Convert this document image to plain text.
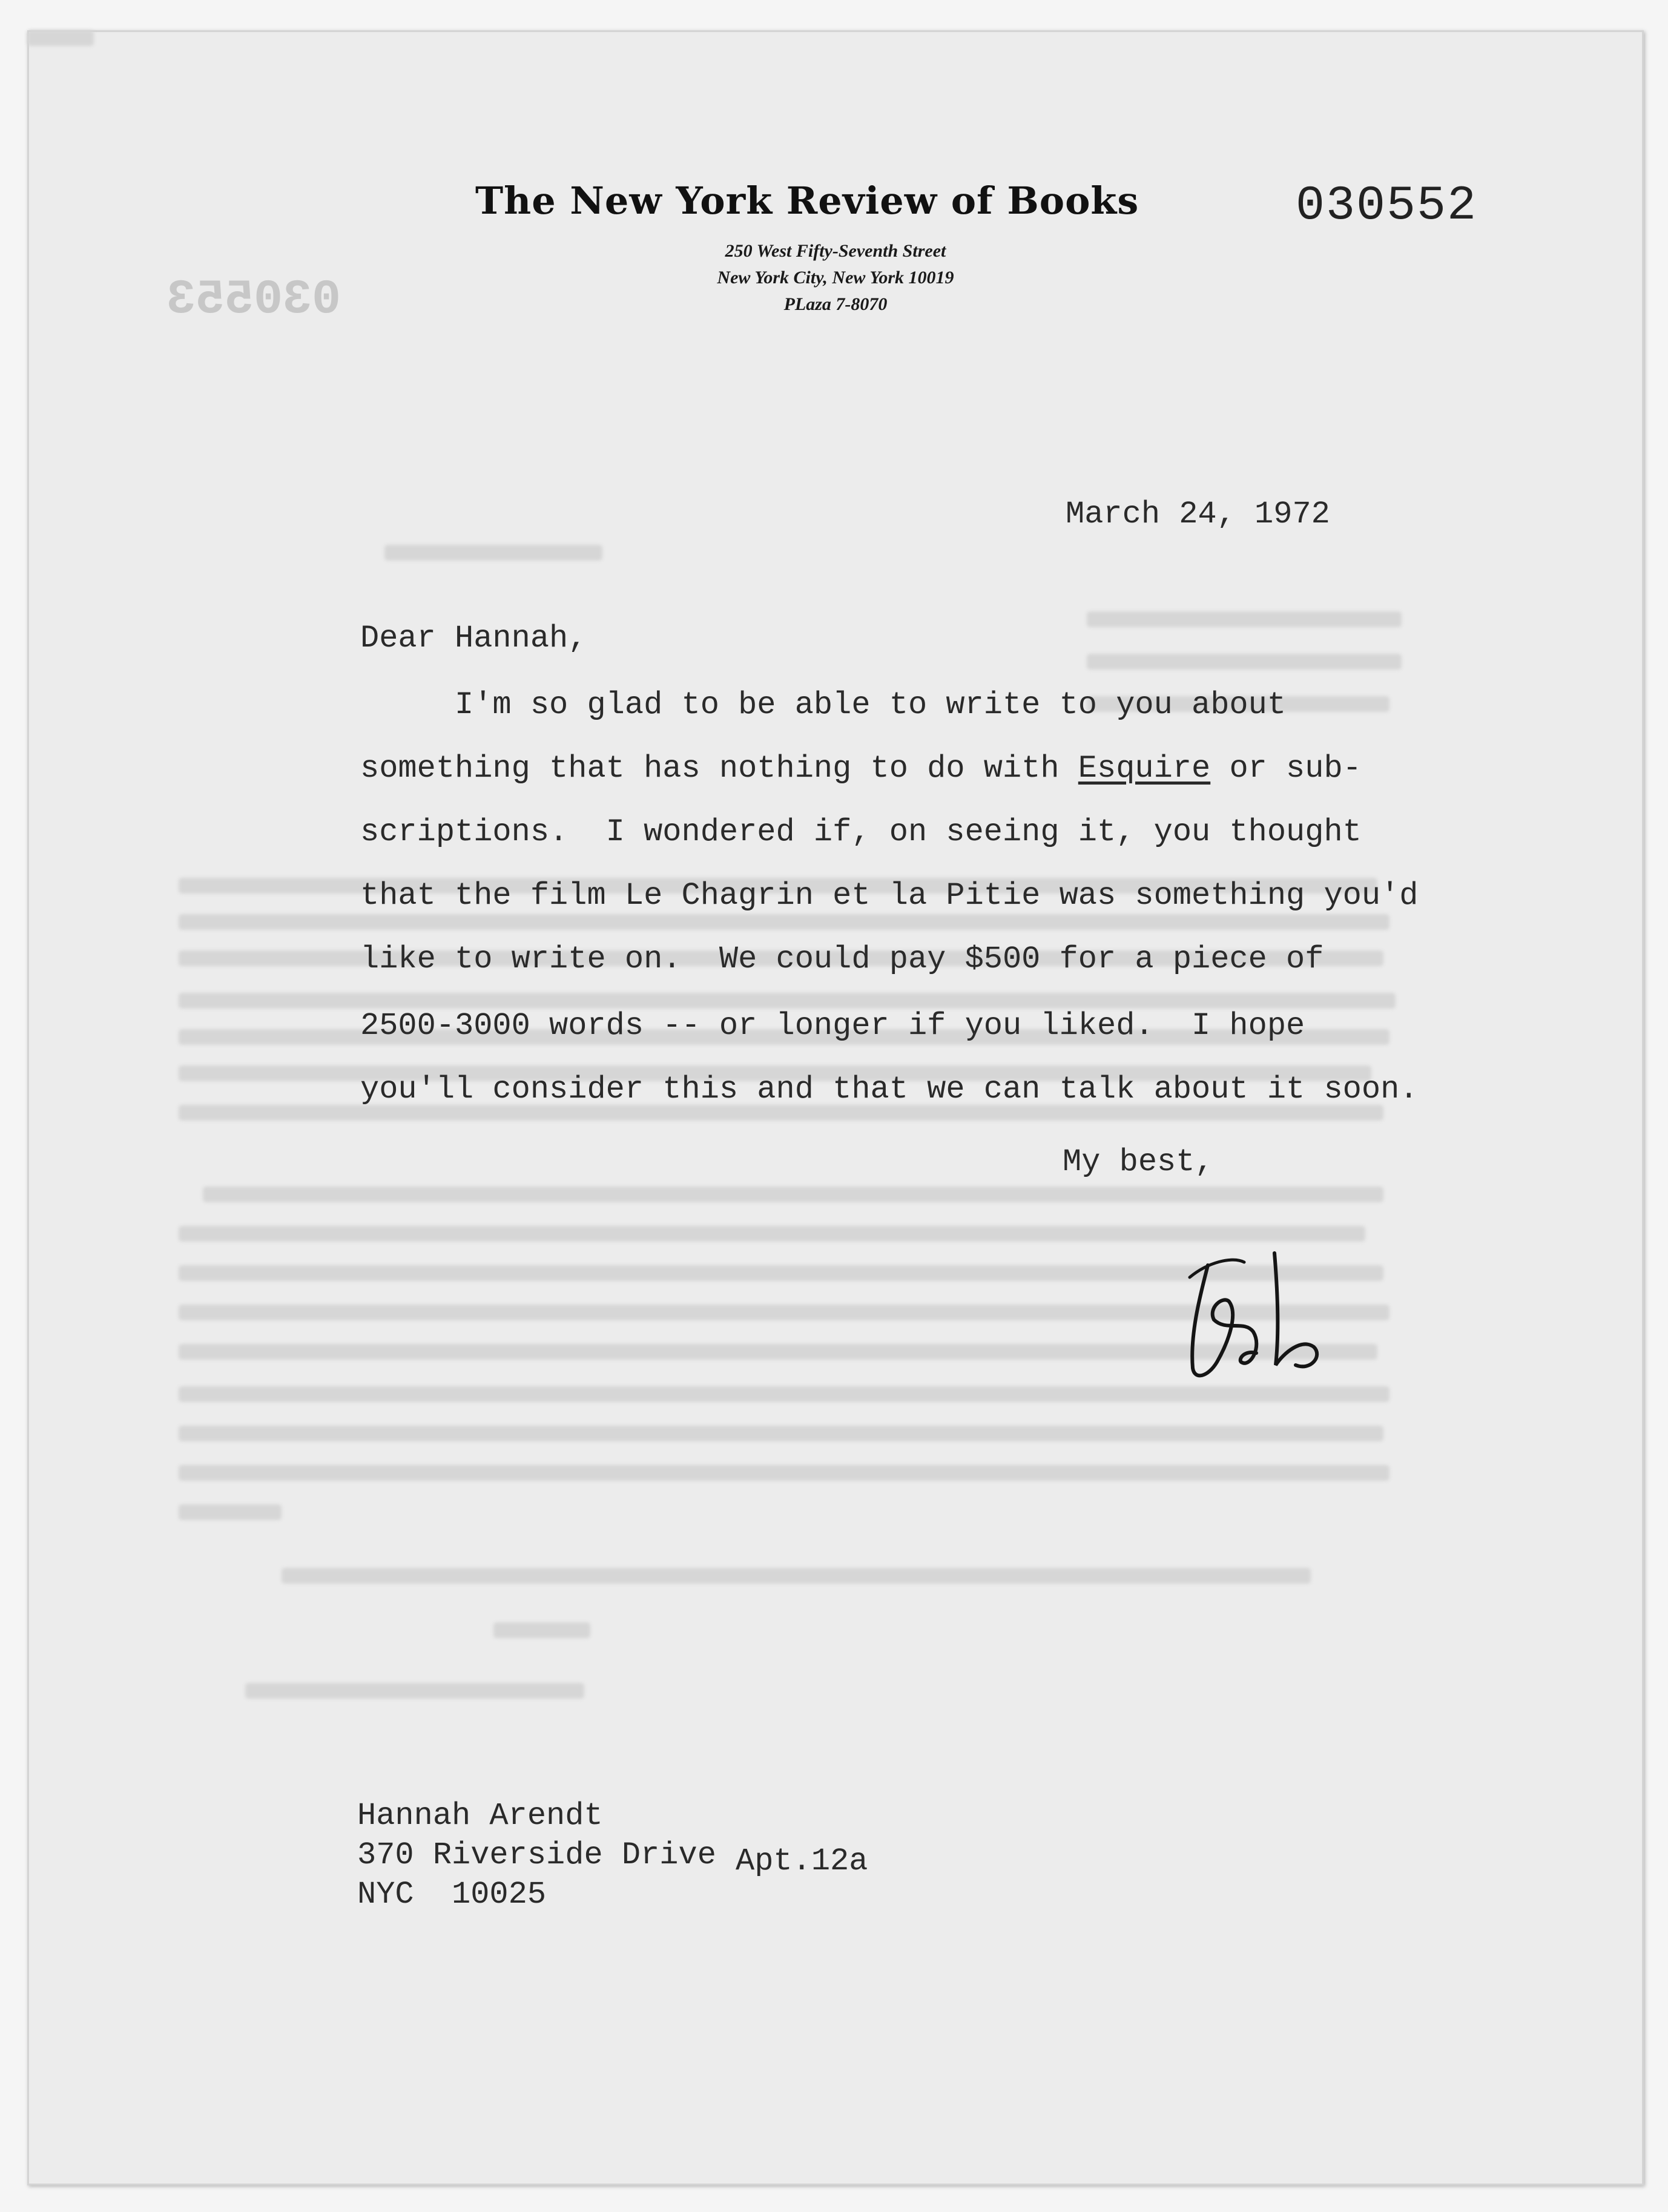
030553
The New York Review of Books	030552
250 West Fifty-Seventh Street
New York City, New York 10019
PLaza 7-8070
March 24, 1972
Dear Hannah,
I'm so glad to be able to write to you about
something that has nothing to do with Esquire or sub-
scriptions.  I wondered if, on seeing it, you thought
that the film Le Chagrin et la Pitie was something you'd
like to write on.  We could pay $500 for a piece of
2500-3000 words -- or longer if you liked.  I hope
you'll consider this and that we can talk about it soon.
My best,
Hannah Arendt
370 Riverside Drive Apt.12a
NYC  10025
